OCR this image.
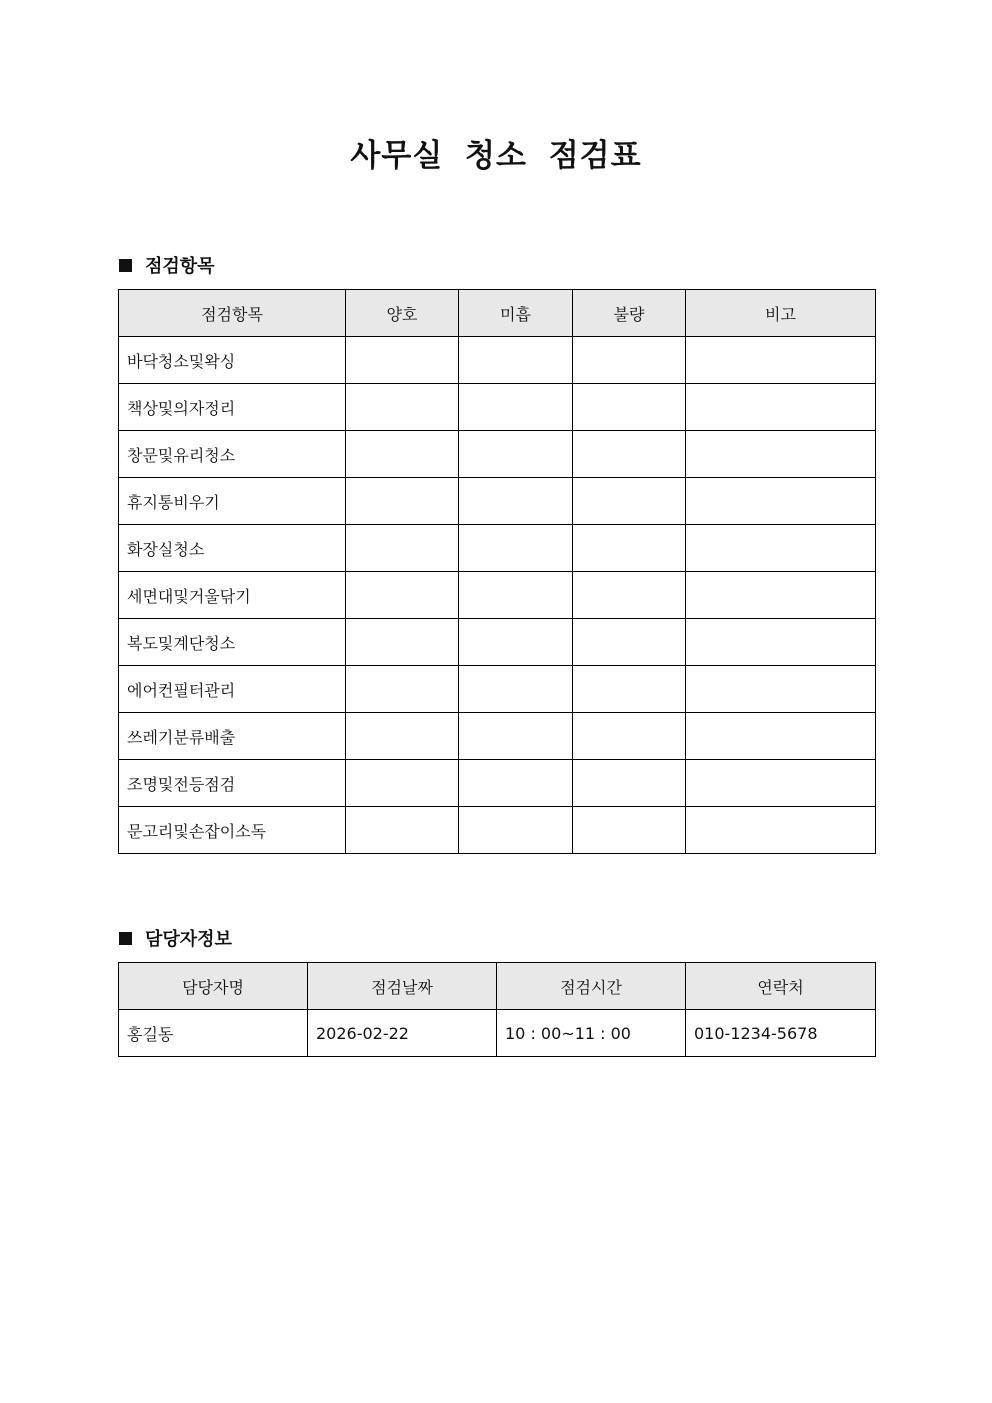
사무실 청소 점검표
점검항목
점검항목	양호	미흡	불량	비고
바닥청소및왁싱				
책상및의자정리				
창문및유리청소				
휴지통비우기				
화장실청소				
세면대및거울닦기				
복도및계단청소				
에어컨필터관리				
쓰레기분류배출				
조명및전등점검				
문고리및손잡이소독				
담당자정보
담당자명	점검날짜	점검시간	연락처
홍길동	2026-02-22	10 : 00~11 : 00	010-1234-5678
